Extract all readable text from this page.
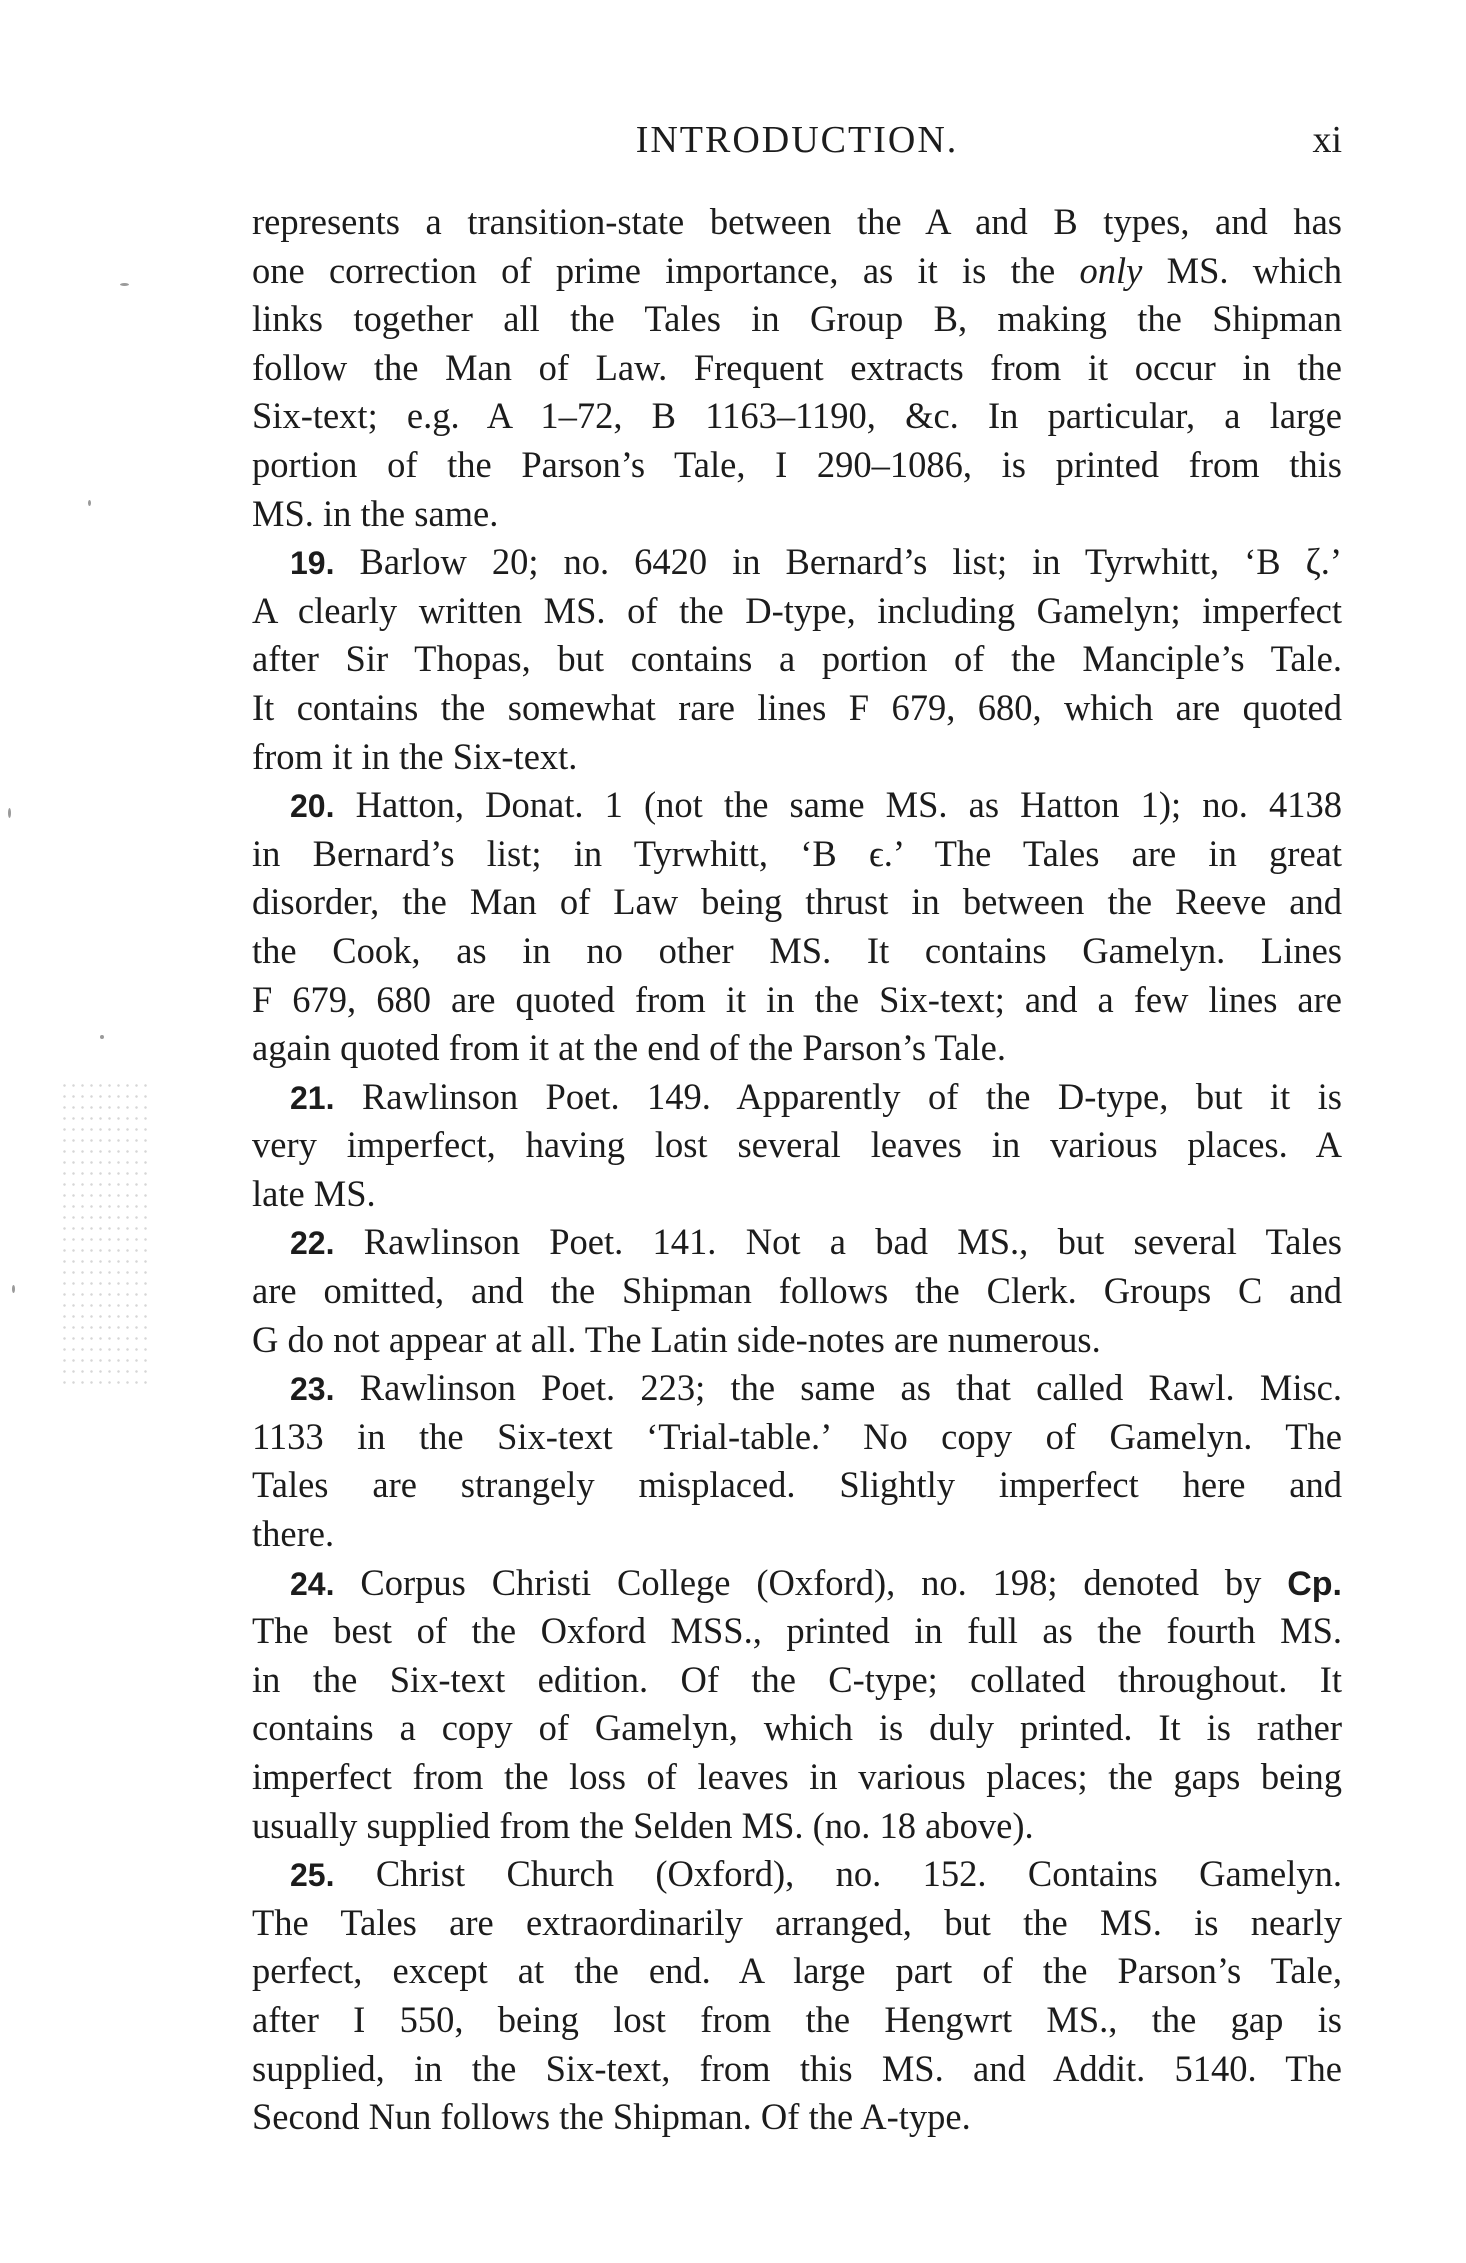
INTRODUCTION.	xi
represents a transition-state between the A and B types, and has
one correction of prime importance, as it is the only MS. which
links together all the Tales in Group B, making the Shipman
follow the Man of Law. Frequent extracts from it occur in the
Six-text; e.g. A 1–72, B 1163–1190, &c. In particular, a large
portion of the Parson’s Tale, I 290–1086, is printed from this
MS. in the same.
19. Barlow 20; no. 6420 in Bernard’s list; in Tyrwhitt, ‘B ζ.’
A clearly written MS. of the D-type, including Gamelyn; imperfect
after Sir Thopas, but contains a portion of the Manciple’s Tale.
It contains the somewhat rare lines F 679, 680, which are quoted
from it in the Six-text.
20. Hatton, Donat. 1 (not the same MS. as Hatton 1); no. 4138
in Bernard’s list; in Tyrwhitt, ‘B ϵ.’ The Tales are in great
disorder, the Man of Law being thrust in between the Reeve and
the Cook, as in no other MS. It contains Gamelyn. Lines
F 679, 680 are quoted from it in the Six-text; and a few lines are
again quoted from it at the end of the Parson’s Tale.
21. Rawlinson Poet. 149. Apparently of the D-type, but it is
very imperfect, having lost several leaves in various places. A
late MS.
22. Rawlinson Poet. 141. Not a bad MS., but several Tales
are omitted, and the Shipman follows the Clerk. Groups C and
G do not appear at all. The Latin side-notes are numerous.
23. Rawlinson Poet. 223; the same as that called Rawl. Misc.
1133 in the Six-text ‘Trial-table.’ No copy of Gamelyn. The
Tales are strangely misplaced. Slightly imperfect here and
there.
24. Corpus Christi College (Oxford), no. 198; denoted by Cp.
The best of the Oxford MSS., printed in full as the fourth MS.
in the Six-text edition. Of the C-type; collated throughout. It
contains a copy of Gamelyn, which is duly printed. It is rather
imperfect from the loss of leaves in various places; the gaps being
usually supplied from the Selden MS. (no. 18 above).
25. Christ Church (Oxford), no. 152. Contains Gamelyn.
The Tales are extraordinarily arranged, but the MS. is nearly
perfect, except at the end. A large part of the Parson’s Tale,
after I 550, being lost from the Hengwrt MS., the gap is
supplied, in the Six-text, from this MS. and Addit. 5140. The
Second Nun follows the Shipman. Of the A-type.
